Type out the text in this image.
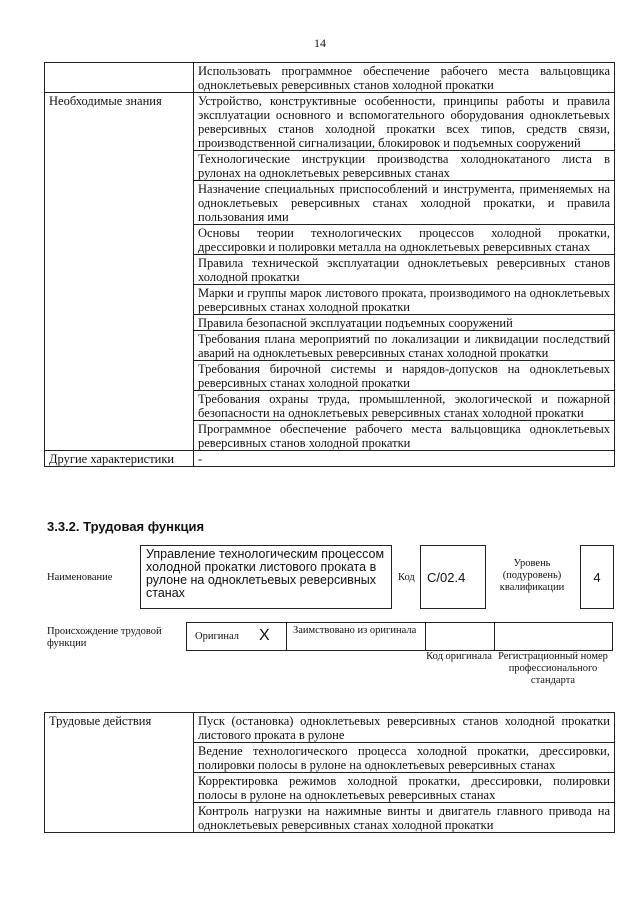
14
	Использовать программное обеспечение рабочего места вальцовщика одноклетьевых реверсивных станов холодной прокатки
Необходимые знания	Устройство, конструктивные особенности, принципы работы и правила эксплуатации основного и вспомогательного оборудования одноклетьевых реверсивных станов холодной прокатки всех типов, средств связи, производственной сигнализации, блокировок и подъемных сооружений
	Технологические инструкции производства холоднокатаного листа в рулонах на одноклетьевых реверсивных станах
	Назначение специальных приспособлений и инструмента, применяемых на одноклетьевых реверсивных станах холодной прокатки, и правила пользования ими
	Основы теории технологических процессов холодной прокатки, дрессировки и полировки металла на одноклетьевых реверсивных станах
	Правила технической эксплуатации одноклетьевых реверсивных станов холодной прокатки
	Марки и группы марок листового проката, производимого на одноклетьевых реверсивных станах холодной прокатки
	Правила безопасной эксплуатации подъемных сооружений
	Требования плана мероприятий по локализации и ликвидации последствий аварий на одноклетьевых реверсивных станах холодной прокатки
	Требования бирочной системы и нарядов-допусков на одноклетьевых реверсивных станах холодной прокатки
	Требования охраны труда, промышленной, экологической и пожарной безопасности на одноклетьевых реверсивных станах холодной прокатки
	Программное обеспечение рабочего места вальцовщика одноклетьевых реверсивных станов холодной прокатки
Другие характеристики	-
3.3.2. Трудовая функция
Наименование
Управление технологическим процессом холодной прокатки листового проката в рулоне на одноклетьевых реверсивных станах
Код C/02.4
Уровень (подуровень) квалификации
4
Происхождение трудовой функции
Оригинал X Заимствовано из оригинала
Код оригинала Регистрационный номер профессионального стандарта
Трудовые действия	Пуск (остановка) одноклетьевых реверсивных станов холодной прокатки листового проката в рулоне
Ведение технологического процесса холодной прокатки, дрессировки, полировки полосы в рулоне на одноклетьевых реверсивных станах
Корректировка режимов холодной прокатки, дрессировки, полировки полосы в рулоне на одноклетьевых реверсивных станах
Контроль нагрузки на нажимные винты и двигатель главного привода на одноклетьевых реверсивных станах холодной прокатки
